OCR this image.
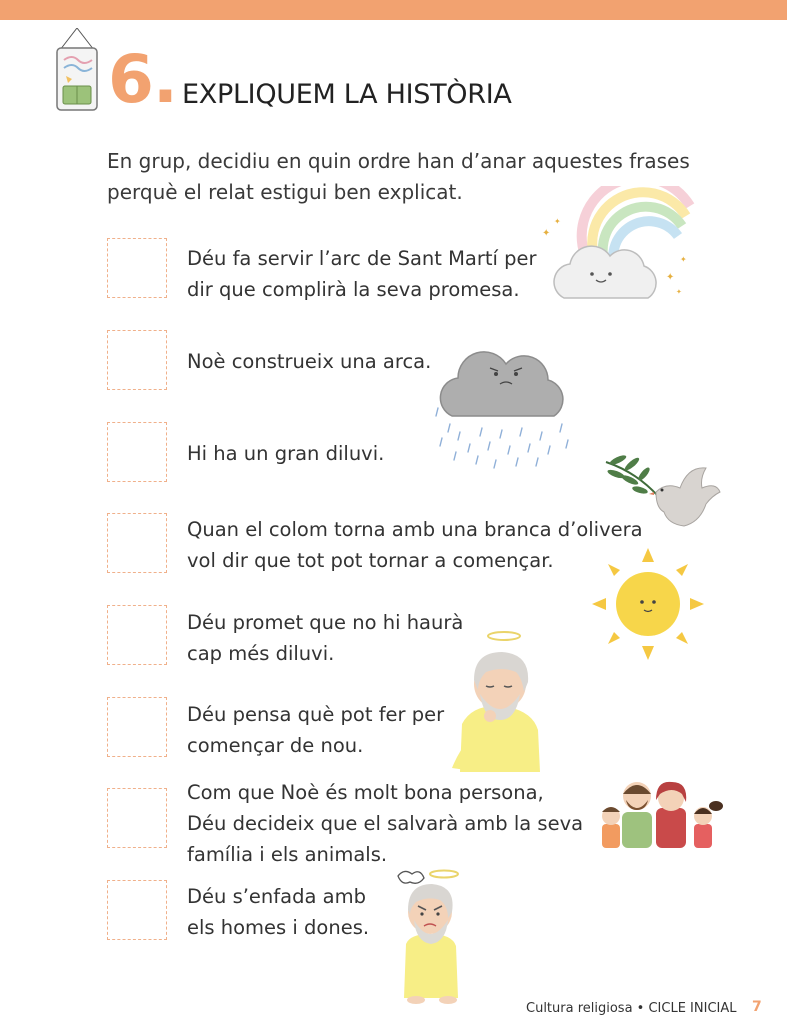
6. EXPLIQUEM LA HISTÒRIA
En grup, decidiu en quin ordre han d’anar aquestes frases
perquè el relat estigui ben explicat.
Déu fa servir l’arc de Sant Martí per
dir que complirà la seva promesa.
Noè construeix una arca.
Hi ha un gran diluvi.
Quan el colom torna amb una branca d’olivera
vol dir que tot pot tornar a començar.
Déu promet que no hi haurà
cap més diluvi.
Déu pensa què pot fer per
començar de nou.
Com que Noè és molt bona persona,
Déu decideix que el salvarà amb la seva
família i els animals.
Déu s’enfada amb
els homes i dones.
✦
✦
✦
✦
✦
Cultura religiosa • CICLE INICIAL 7
